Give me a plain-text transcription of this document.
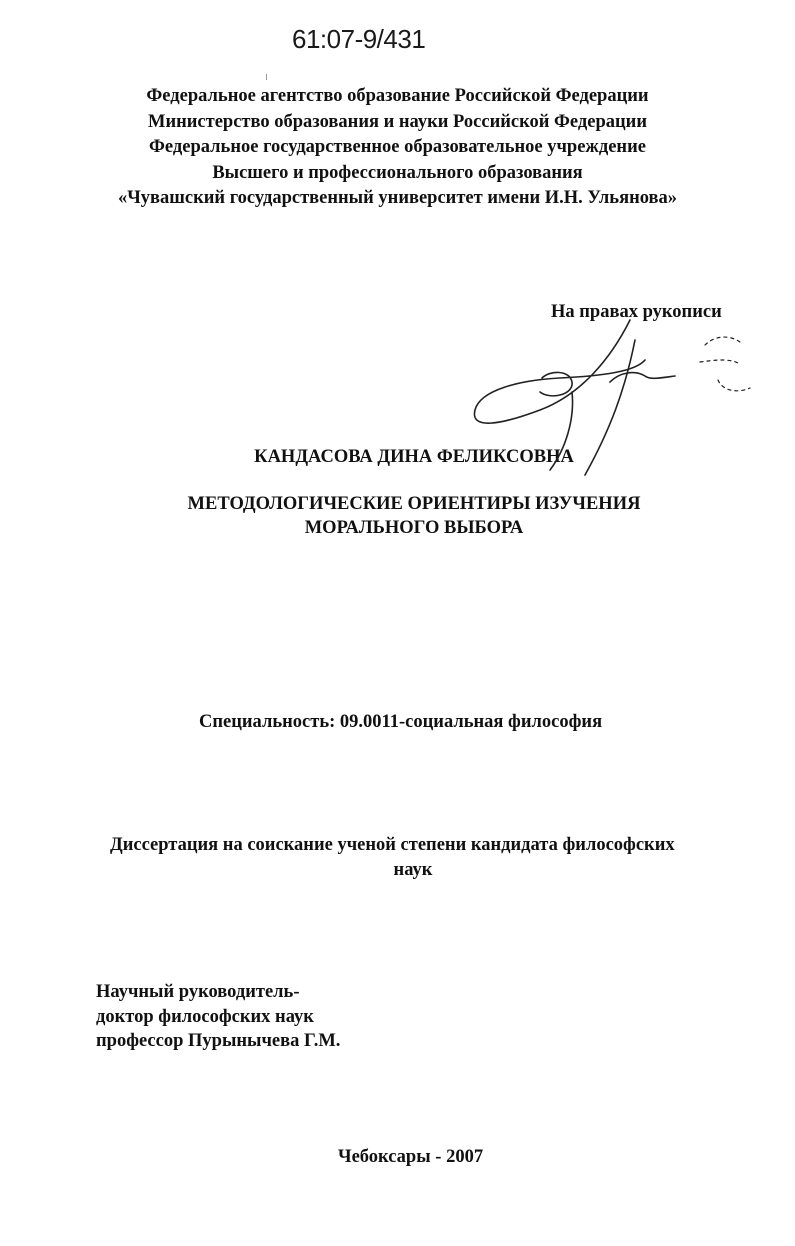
61:07-9/431
Федеральное агентство образование Российской Федерации
Министерство образования и науки Российской Федерации
Федеральное государственное образовательное учреждение
Высшего и профессионального образования
«Чувашский государственный университет имени И.Н. Ульянова»
На правах рукописи
КАНДАСОВА ДИНА ФЕЛИКСОВНА
МЕТОДОЛОГИЧЕСКИЕ ОРИЕНТИРЫ ИЗУЧЕНИЯ
МОРАЛЬНОГО ВЫБОРА
Специальность: 09.0011-социальная философия
Диссертация на соискание ученой степени кандидата философских
наук
Научный руководитель-
доктор философских наук
профессор Пурынычева Г.М.
Чебоксары - 2007
